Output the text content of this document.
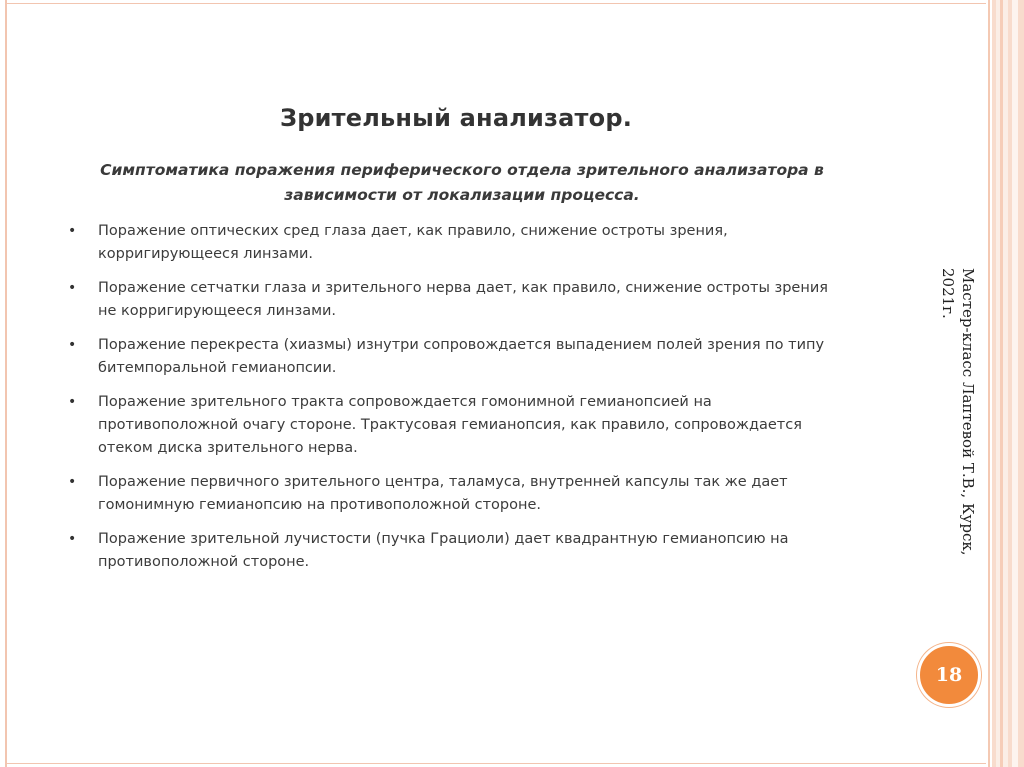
Зрительный анализатор.

Симптоматика поражения периферического отдела зрительного анализатора в зависимости от локализации процесса.

• Поражение оптических сред глаза дает, как правило, снижение остроты зрения, корригирующееся линзами.
• Поражение сетчатки глаза и зрительного нерва дает, как правило, снижение остроты зрения не корригирующееся линзами.
• Поражение перекреста (хиазмы) изнутри сопровождается выпадением полей зрения по типу битемпоральной гемианопсии.
• Поражение зрительного тракта сопровождается гомонимной гемианопсией на противоположной очагу стороне. Трактусовая гемианопсия, как правило, сопровождается отеком диска зрительного нерва.
• Поражение первичного зрительного центра, таламуса, внутренней капсулы так же дает гомонимную гемианопсию на противоположной стороне.
• Поражение зрительной лучистости (пучка Грациоли) дает квадрантную гемианопсию на противоположной стороне.
Мастер-класс Лаптевой Т.В., Курск, 2021г.
18
